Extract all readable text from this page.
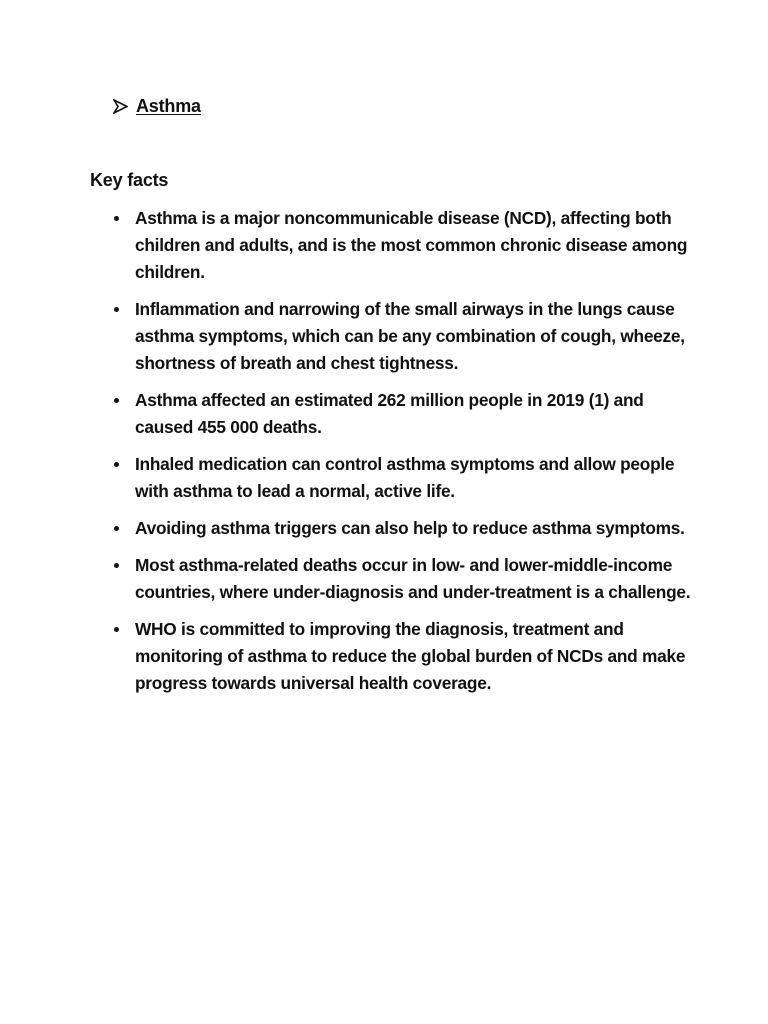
Asthma
Key facts
Asthma is a major noncommunicable disease (NCD), affecting both children and adults, and is the most common chronic disease among children.
Inflammation and narrowing of the small airways in the lungs cause asthma symptoms, which can be any combination of cough, wheeze, shortness of breath and chest tightness.
Asthma affected an estimated 262 million people in 2019 (1) and caused 455 000 deaths.
Inhaled medication can control asthma symptoms and allow people with asthma to lead a normal, active life.
Avoiding asthma triggers can also help to reduce asthma symptoms.
Most asthma-related deaths occur in low- and lower-middle-income countries, where under-diagnosis and under-treatment is a challenge.
WHO is committed to improving the diagnosis, treatment and monitoring of asthma to reduce the global burden of NCDs and make progress towards universal health coverage.
